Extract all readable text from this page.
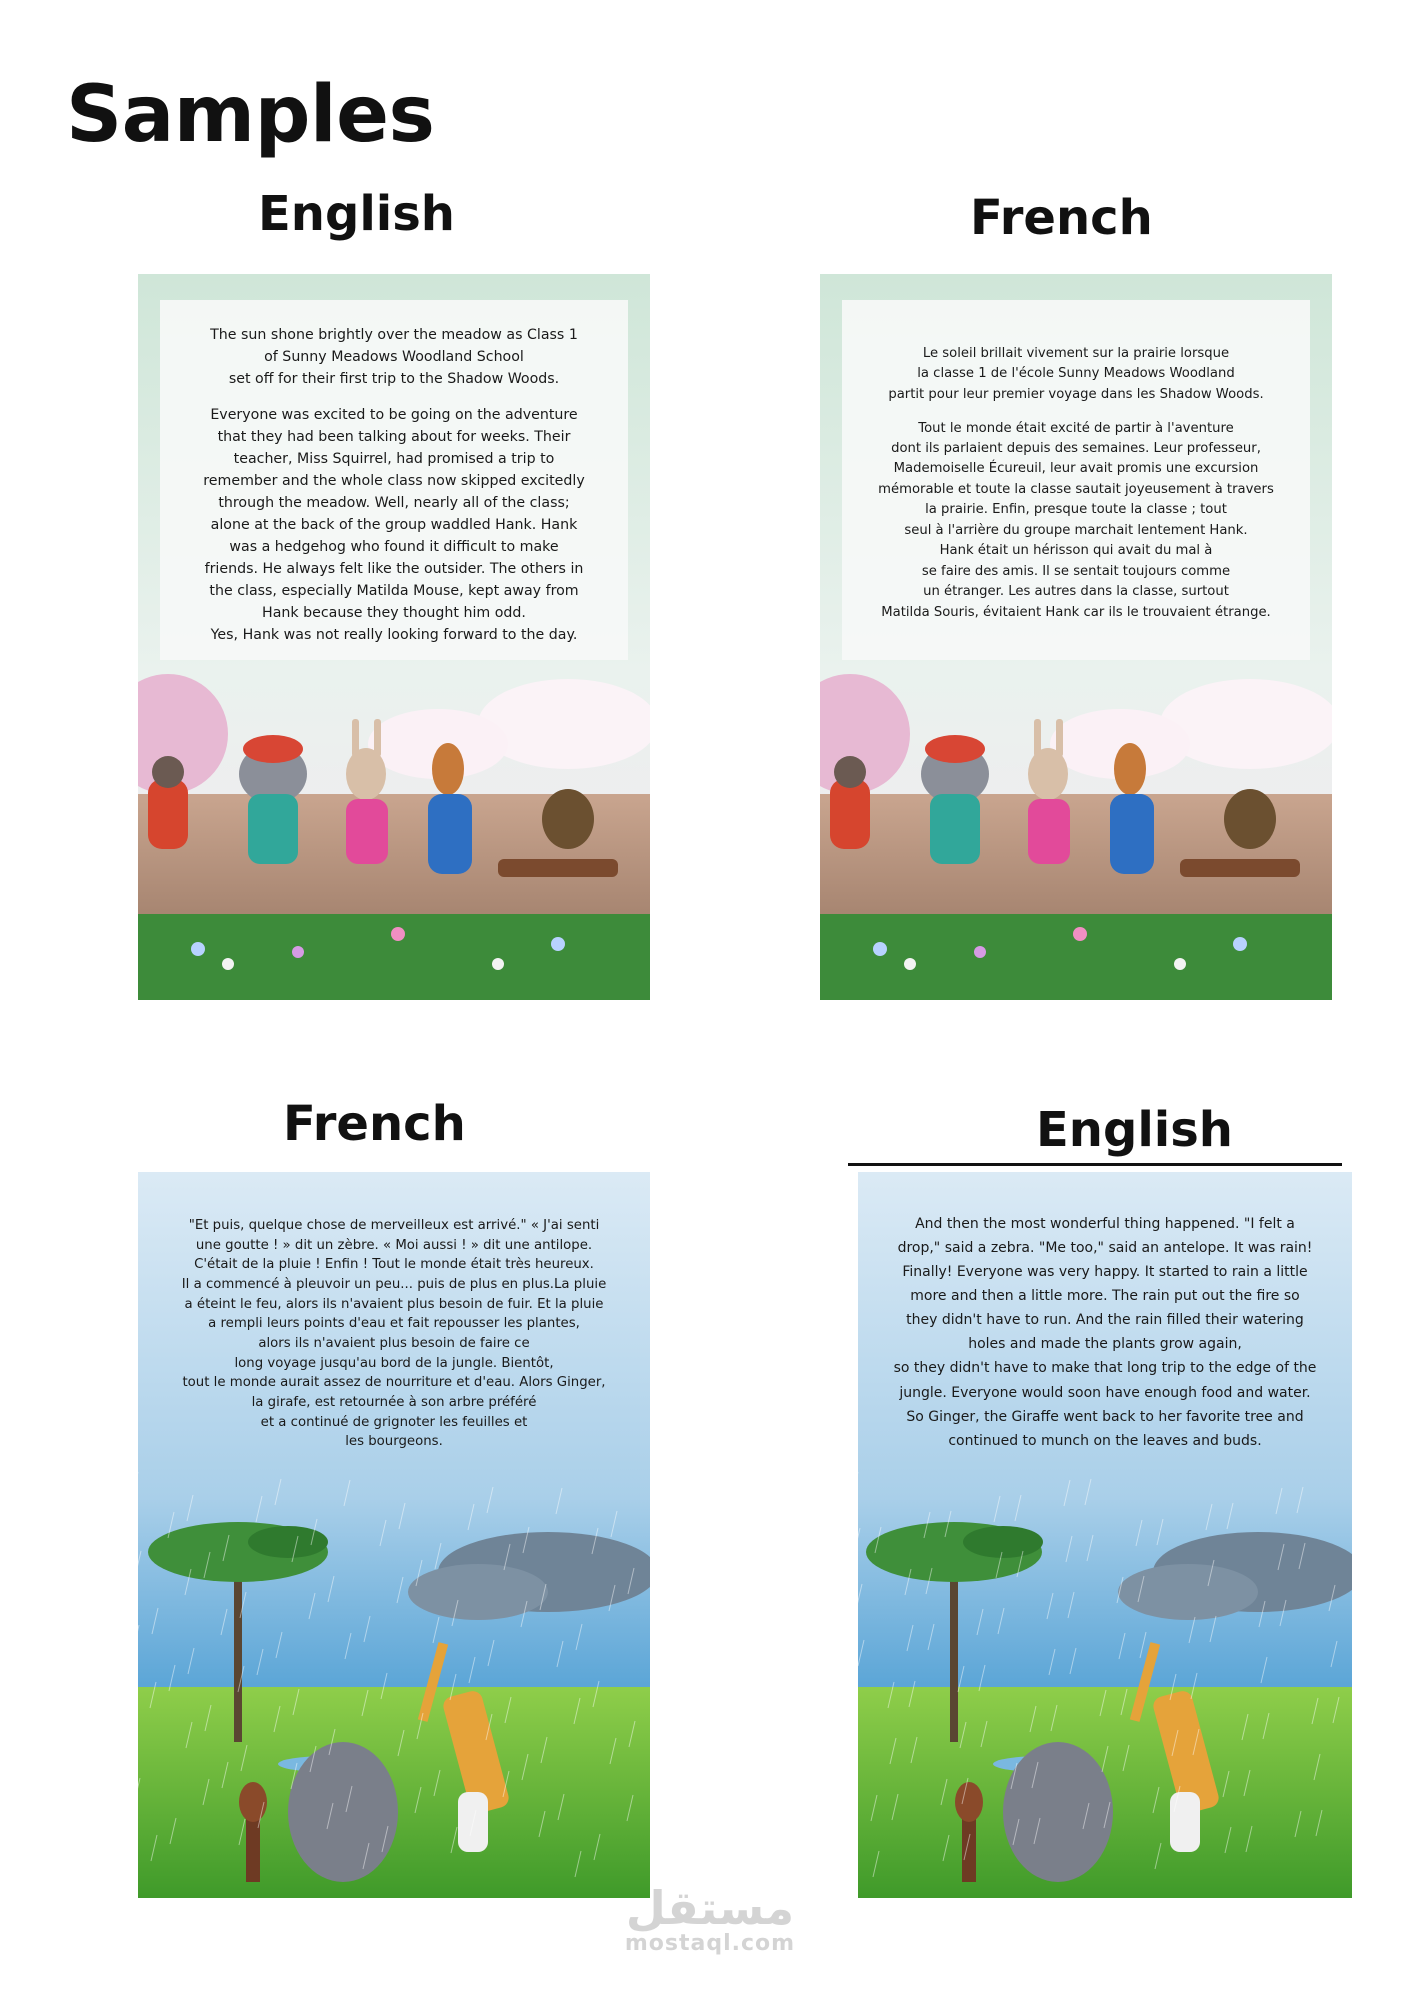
Samples
English

The sun shone brightly over the meadow as Class 1
of Sunny Meadows Woodland School
set off for their first trip to the Shadow Woods.

Everyone was excited to be going on the adventure
that they had been talking about for weeks. Their
teacher, Miss Squirrel, had promised a trip to
remember and the whole class now skipped excitedly
through the meadow. Well, nearly all of the class;
alone at the back of the group waddled Hank. Hank
was a hedgehog who found it difficult to make
friends. He always felt like the outsider. The others in
the class, especially Matilda Mouse, kept away from
Hank because they thought him odd.
Yes, Hank was not really looking forward to the day.

French

Le soleil brillait vivement sur la prairie lorsque
la classe 1 de l'école Sunny Meadows Woodland
partit pour leur premier voyage dans les Shadow Woods.

Tout le monde était excité de partir à l'aventure
dont ils parlaient depuis des semaines. Leur professeur,
Mademoiselle Écureuil, leur avait promis une excursion
mémorable et toute la classe sautait joyeusement à travers
la prairie. Enfin, presque toute la classe ; tout
seul à l'arrière du groupe marchait lentement Hank.
Hank était un hérisson qui avait du mal à
se faire des amis. Il se sentait toujours comme
un étranger. Les autres dans la classe, surtout
Matilda Souris, évitaient Hank car ils le trouvaient étrange.

French

"Et puis, quelque chose de merveilleux est arrivé." « J'ai senti
une goutte ! » dit un zèbre. « Moi aussi ! » dit une antilope.
C'était de la pluie ! Enfin ! Tout le monde était très heureux.
Il a commencé à pleuvoir un peu... puis de plus en plus.La pluie
a éteint le feu, alors ils n'avaient plus besoin de fuir. Et la pluie
a rempli leurs points d'eau et fait repousser les plantes,
alors ils n'avaient plus besoin de faire ce
long voyage jusqu'au bord de la jungle. Bientôt,
tout le monde aurait assez de nourriture et d'eau. Alors Ginger,
la girafe, est retournée à son arbre préféré
et a continué de grignoter les feuilles et
les bourgeons.

English

And then the most wonderful thing happened. "I felt a
drop," said a zebra. "Me too," said an antelope. It was rain!
Finally! Everyone was very happy. It started to rain a little
more and then a little more. The rain put out the fire so
they didn't have to run. And the rain filled their watering
holes and made the plants grow again,
so they didn't have to make that long trip to the edge of the
jungle. Everyone would soon have enough food and water.
So Ginger, the Giraffe went back to her favorite tree and
continued to munch on the leaves and buds.

مستقل
mostaql.com
